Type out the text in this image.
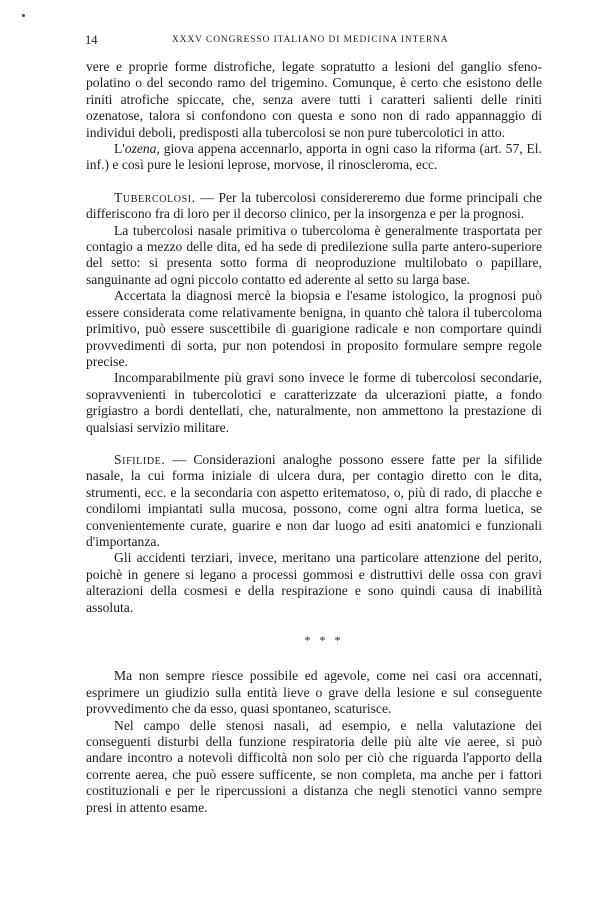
14	XXXV CONGRESSO ITALIANO DI MEDICINA INTERNA

vere e proprie forme distrofiche, legate sopratutto a lesioni del ganglio sfeno-polatino o del secondo ramo del trigemino. Comunque, è certo che esistono delle riniti atrofiche spiccate, che, senza avere tutti i caratteri salienti delle riniti ozenatose, talora si confondono con questa e sono non di rado appannaggio di individui deboli, predisposti alla tubercolosi se non pure tubercolotici in atto.

L'ozena, giova appena accennarlo, apporta in ogni caso la riforma (art. 57, El. inf.) e così pure le lesioni leprose, morvose, il rinoscleroma, ecc.

Tubercolosi. — Per la tubercolosi considereremo due forme principali che differiscono fra di loro per il decorso clinico, per la insorgenza e per la prognosi.

La tubercolosi nasale primitiva o tubercoloma è generalmente trasportata per contagio a mezzo delle dita, ed ha sede di predilezione sulla parte antero-superiore del setto: si presenta sotto forma di neoproduzione multilobato o papillare, sanguinante ad ogni piccolo contatto ed aderente al setto su larga base.

Accertata la diagnosi mercè la biopsia e l'esame istologico, la prognosi può essere considerata come relativamente benigna, in quanto chè talora il tubercoloma primitivo, può essere suscettibile di guarigione radicale e non comportare quindi provvedimenti di sorta, pur non potendosi in proposito formulare sempre regole precise.

Incomparabilmente più gravi sono invece le forme di tubercolosi secondarie, sopravvenienti in tubercolotici e caratterizzate da ulcerazioni piatte, a fondo grigiastro a bordi dentellati, che, naturalmente, non ammettono la prestazione di qualsiasi servizio militare.

Sifilide. — Considerazioni analoghe possono essere fatte per la sifilide nasale, la cui forma iniziale di ulcera dura, per contagio diretto con le dita, strumenti, ecc. e la secondaria con aspetto eritematoso, o, più di rado, di placche e condilomi impiantati sulla mucosa, possono, come ogni altra forma luetica, se convenientemente curate, guarire e non dar luogo ad esiti anatomici e funzionali d'importanza.

Gli accidenti terziari, invece, meritano una particolare attenzione del perito, poichè in genere si legano a processi gommosi e distruttivi delle ossa con gravi alterazioni della cosmesi e della respirazione e sono quindi causa di inabilità assoluta.

* * *

Ma non sempre riesce possibile ed agevole, come nei casi ora accennati, esprimere un giudizio sulla entità lieve o grave della lesione e sul conseguente provvedimento che da esso, quasi spontaneo, scaturisce.

Nel campo delle stenosi nasali, ad esempio, e nella valutazione dei conseguenti disturbi della funzione respiratoria delle più alte vie aeree, si può andare incontro a notevoli difficoltà non solo per ciò che riguarda l'apporto della corrente aerea, che può essere sufficente, se non completa, ma anche per i fattori costituzionali e per le ripercussioni a distanza che negli stenotici vanno sempre presi in attento esame.
